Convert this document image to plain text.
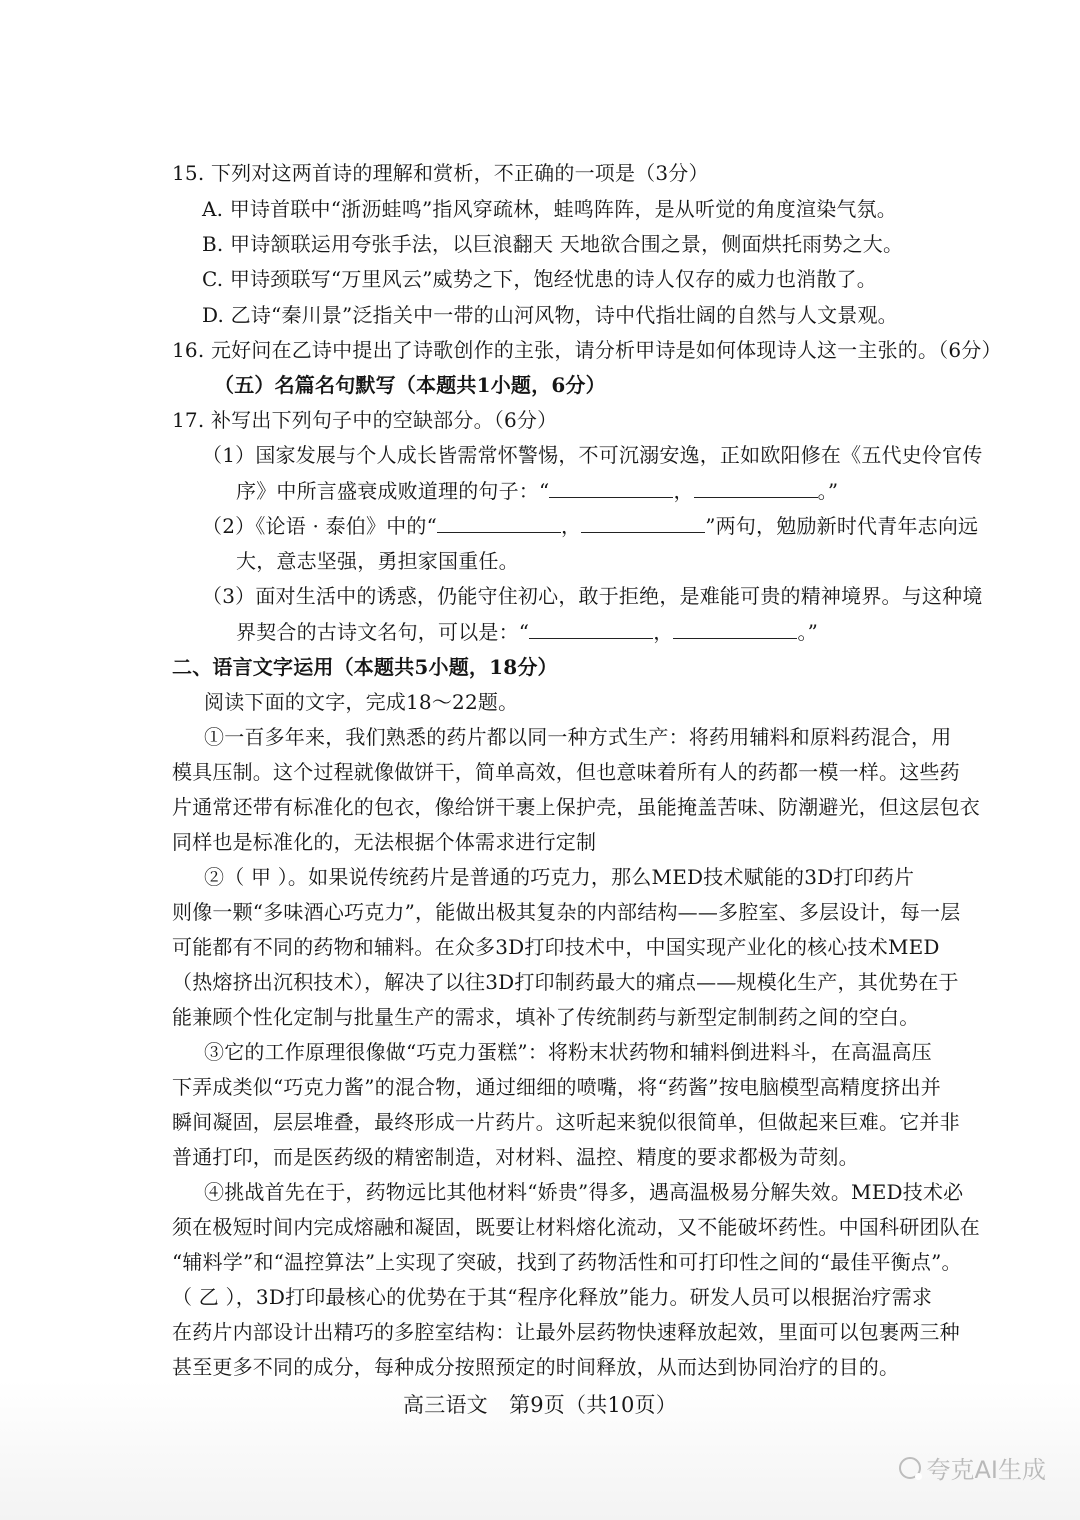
15. 下列对这两首诗的理解和赏析，不正确的一项是（3分）
A. 甲诗首联中“浙沥蛙鸣”指风穿疏林，蛙鸣阵阵，是从听觉的角度渲染气氛。
B. 甲诗颔联运用夸张手法，以巨浪翻天 天地欲合围之景，侧面烘托雨势之大。
C. 甲诗颈联写“万里风云”威势之下，饱经忧患的诗人仅存的威力也消散了。
D. 乙诗“秦川景”泛指关中一带的山河风物，诗中代指壮阔的自然与人文景观。
16. 元好问在乙诗中提出了诗歌创作的主张，请分析甲诗是如何体现诗人这一主张的。（6分）
（五）名篇名句默写（本题共1小题，6分）
17. 补写出下列句子中的空缺部分。（6分）
（1）国家发展与个人成长皆需常怀警惕，不可沉溺安逸，正如欧阳修在《五代史伶官传
序》中所言盛衰成败道理的句子：“	，	。”
（2）《论语 · 泰伯》中的“	，	”两句，勉励新时代青年志向远
大，意志坚强，勇担家国重任。
（3）面对生活中的诱惑，仍能守住初心，敢于拒绝，是难能可贵的精神境界。与这种境
界契合的古诗文名句，可以是：“	，	。”
二、语言文字运用（本题共5小题，18分）
阅读下面的文字，完成18～22题。
①一百多年来，我们熟悉的药片都以同一种方式生产：将药用辅料和原料药混合，用
模具压制。这个过程就像做饼干，简单高效，但也意味着所有人的药都一模一样。这些药
片通常还带有标准化的包衣，像给饼干裹上保护壳，虽能掩盖苦味、防潮避光，但这层包衣
同样也是标准化的，无法根据个体需求进行定制
②（ 甲 ）。如果说传统药片是普通的巧克力，那么MED技术赋能的3D打印药片
则像一颗“多味酒心巧克力”，能做出极其复杂的内部结构——多腔室、多层设计，每一层
可能都有不同的药物和辅料。在众多3D打印技术中，中国实现产业化的核心技术MED
（热熔挤出沉积技术），解决了以往3D打印制药最大的痛点——规模化生产，其优势在于
能兼顾个性化定制与批量生产的需求，填补了传统制药与新型定制制药之间的空白。
③它的工作原理很像做“巧克力蛋糕”：将粉末状药物和辅料倒进料斗，在高温高压
下弄成类似“巧克力酱”的混合物，通过细细的喷嘴，将“药酱”按电脑模型高精度挤出并
瞬间凝固，层层堆叠，最终形成一片药片。这听起来貌似很简单，但做起来巨难。它并非
普通打印，而是医药级的精密制造，对材料、温控、精度的要求都极为苛刻。
④挑战首先在于，药物远比其他材料“娇贵”得多，遇高温极易分解失效。MED技术必
须在极短时间内完成熔融和凝固，既要让材料熔化流动，又不能破坏药性。中国科研团队在
“辅料学”和“温控算法”上实现了突破，找到了药物活性和可打印性之间的“最佳平衡点”。
（ 乙 ），3D打印最核心的优势在于其“程序化释放”能力。研发人员可以根据治疗需求
在药片内部设计出精巧的多腔室结构：让最外层药物快速释放起效，里面可以包裹两三种
甚至更多不同的成分，每种成分按照预定的时间释放，从而达到协同治疗的目的。
高三语文　第9页（共10页）
夸克AI生成
